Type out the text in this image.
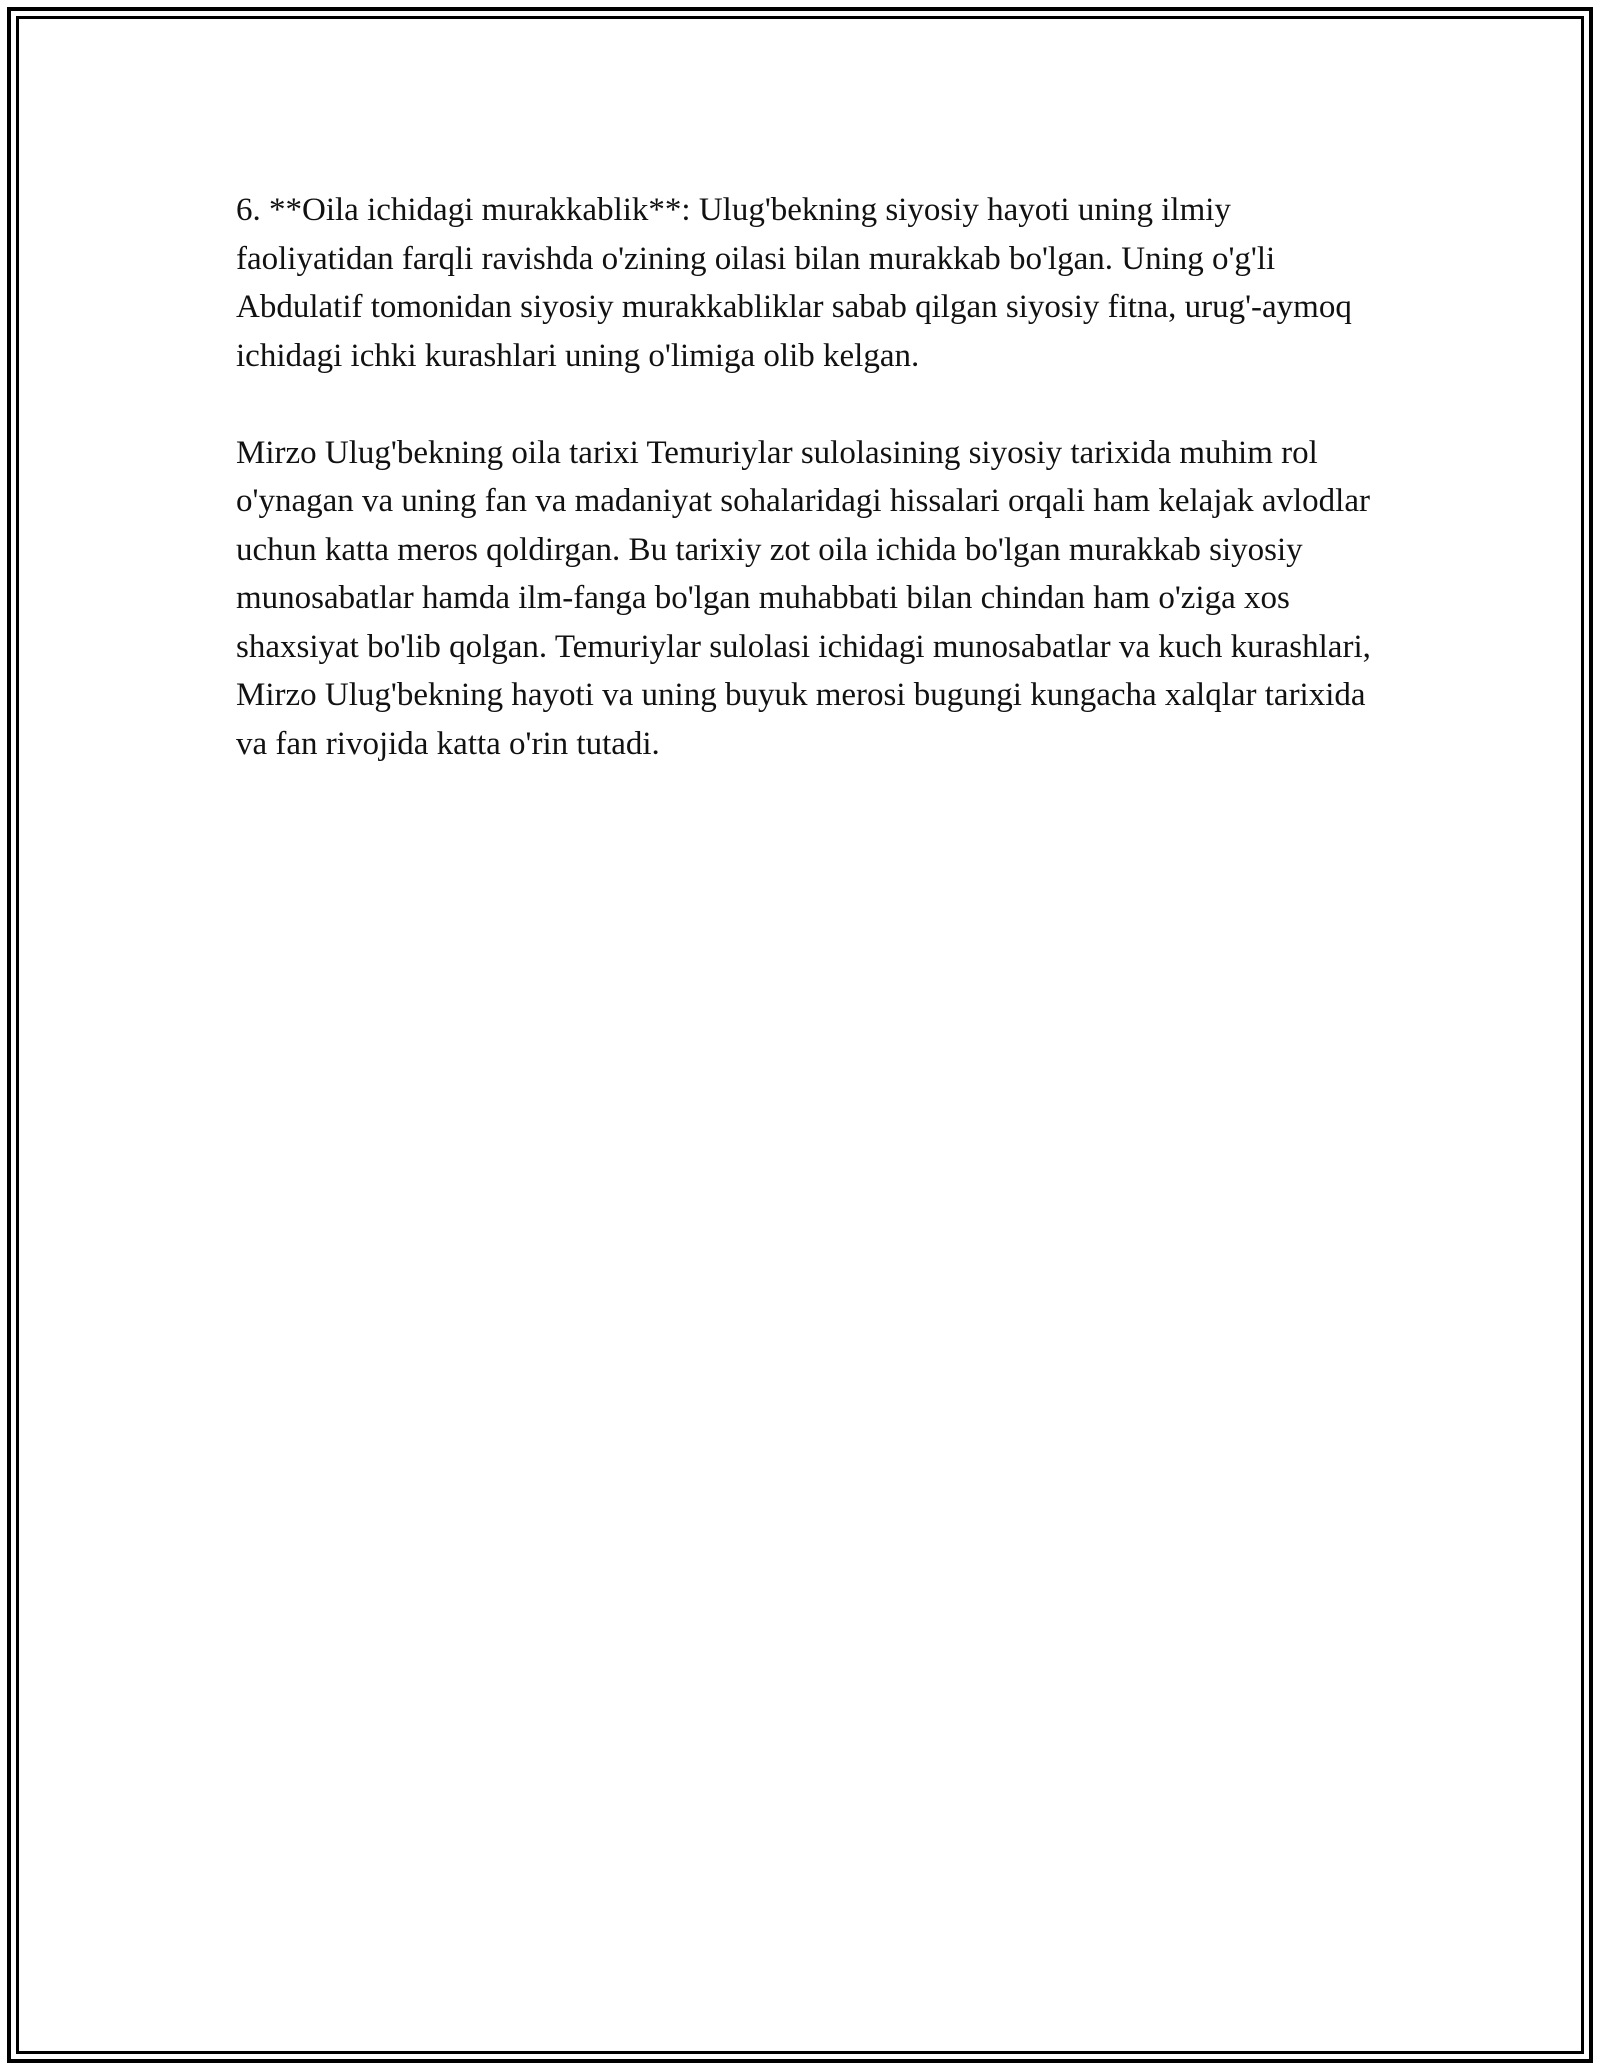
6. **Oila ichidagi murakkablik**: Ulug'bekning siyosiy hayoti uning ilmiy faoliyatidan farqli ravishda o'zining oilasi bilan murakkab bo'lgan. Uning o'g'li Abdulatif tomonidan siyosiy murakkabliklar sabab qilgan siyosiy fitna, urug'-aymoq ichidagi ichki kurashlari uning o'limiga olib kelgan.

Mirzo Ulug'bekning oila tarixi Temuriylar sulolasining siyosiy tarixida muhim rol o'ynagan va uning fan va madaniyat sohalaridagi hissalari orqali ham kelajak avlodlar uchun katta meros qoldirgan. Bu tarixiy zot oila ichida bo'lgan murakkab siyosiy munosabatlar hamda ilm-fanga bo'lgan muhabbati bilan chindan ham o'ziga xos shaxsiyat bo'lib qolgan. Temuriylar sulolasi ichidagi munosabatlar va kuch kurashlari, Mirzo Ulug'bekning hayoti va uning buyuk merosi bugungi kungacha xalqlar tarixida va fan rivojida katta o'rin tutadi.
